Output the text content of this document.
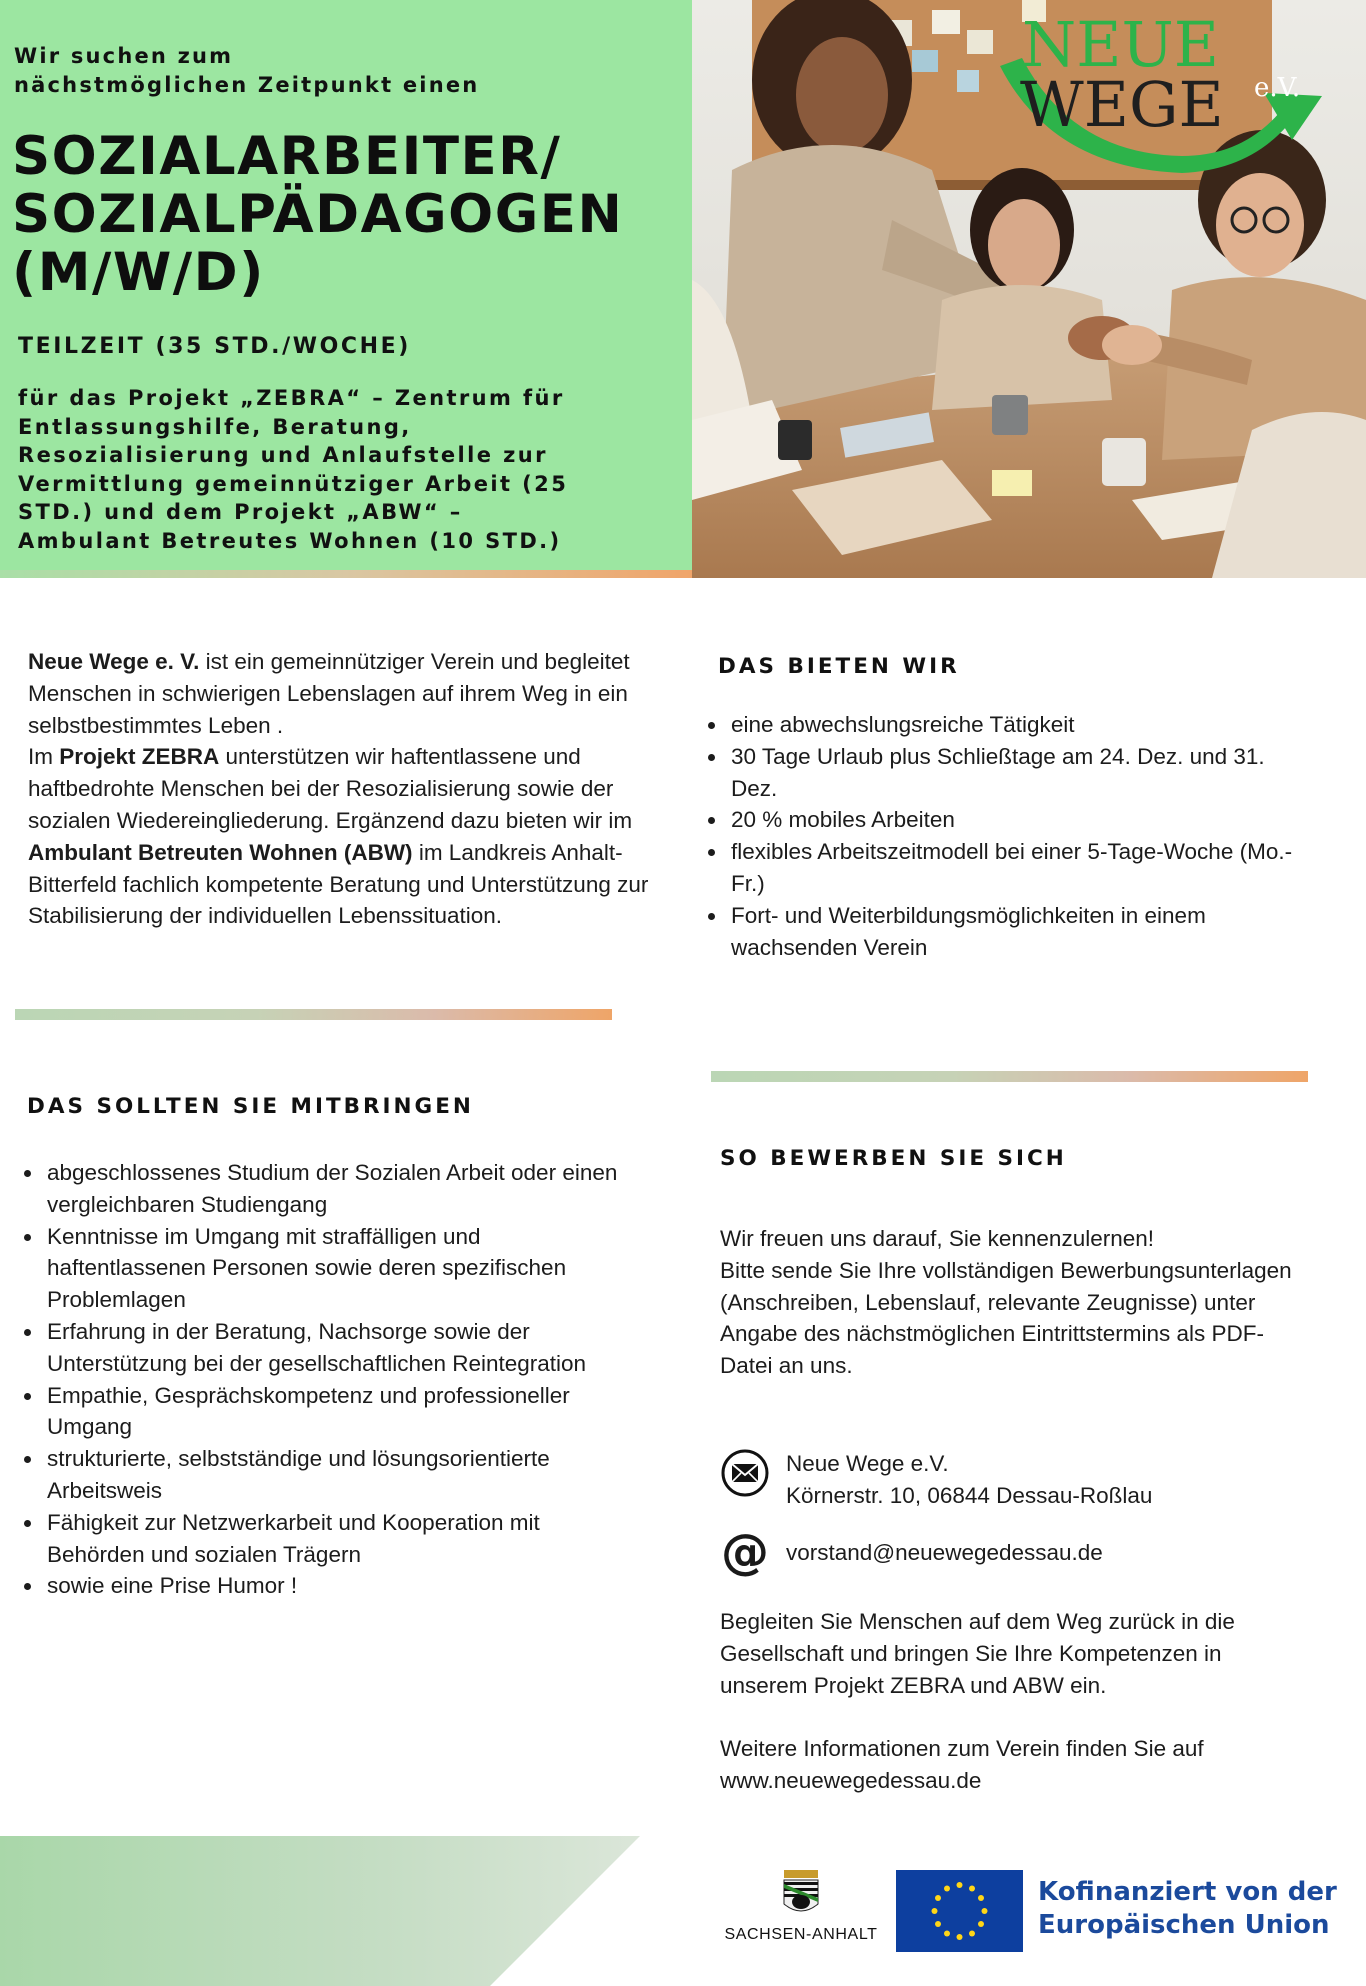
Wir suchen zum
nächstmöglichen Zeitpunkt einen
SOZIALARBEITER/
SOZIALPÄDAGOGEN
(M/W/D)
TEILZEIT (35 STD./WOCHE)
für das Projekt „ZEBRA“ – Zentrum für
Entlassungshilfe, Beratung,
Resozialisierung und Anlaufstelle zur
Vermittlung gemeinnütziger Arbeit (25
STD.) und dem Projekt „ABW“ –
Ambulant Betreutes Wohnen (10 STD.)
NEUE
WEGE e.V.

Neue Wege e. V. ist ein gemeinnütziger Verein und begleitet Menschen in schwierigen Lebenslagen auf ihrem Weg in ein selbstbestimmtes Leben .

Im Projekt ZEBRA unterstützen wir haftentlassene und haftbedrohte Menschen bei der Resozialisierung sowie der sozialen Wiedereingliederung. Ergänzend dazu bieten wir im Ambulant Betreuten Wohnen (ABW) im Landkreis Anhalt-Bitterfeld fachlich kompetente Beratung und Unterstützung zur Stabilisierung der individuellen Lebenssituation.

DAS BIETEN WIR
eine abwechslungsreiche Tätigkeit
30 Tage Urlaub plus Schließtage am 24. Dez. und 31. Dez.
20 % mobiles Arbeiten
flexibles Arbeitszeitmodell bei einer 5-Tage-Woche (Mo.-Fr.)
Fort- und Weiterbildungsmöglichkeiten in einem wachsenden Verein
DAS SOLLTEN SIE MITBRINGEN
abgeschlossenes Studium der Sozialen Arbeit oder einen vergleichbaren Studiengang
Kenntnisse im Umgang mit straffälligen und haftentlassenen Personen sowie deren spezifischen Problemlagen
Erfahrung in der Beratung, Nachsorge sowie der Unterstützung bei der gesellschaftlichen Reintegration
Empathie, Gesprächskompetenz und professioneller Umgang
strukturierte, selbstständige und lösungsorientierte Arbeitsweis
Fähigkeit zur Netzwerkarbeit und Kooperation mit Behörden und sozialen Trägern
sowie eine Prise Humor !
SO BEWERBEN SIE SICH
Wir freuen uns darauf, Sie kennenzulernen!
Bitte sende Sie Ihre vollständigen Bewerbungsunterlagen (Anschreiben, Lebenslauf, relevante Zeugnisse) unter Angabe des nächstmöglichen Eintrittstermins als PDF-Datei an uns.
Neue Wege e.V.
Körnerstr. 10, 06844 Dessau-Roßlau
@ vorstand@neuewegedessau.de
Begleiten Sie Menschen auf dem Weg zurück in die Gesellschaft und bringen Sie Ihre Kompetenzen in unserem Projekt ZEBRA und ABW ein.
Weitere Informationen zum Verein finden Sie auf
www.neuewegedessau.de
SACHSEN-ANHALT
Kofinanziert von der
Europäischen Union
